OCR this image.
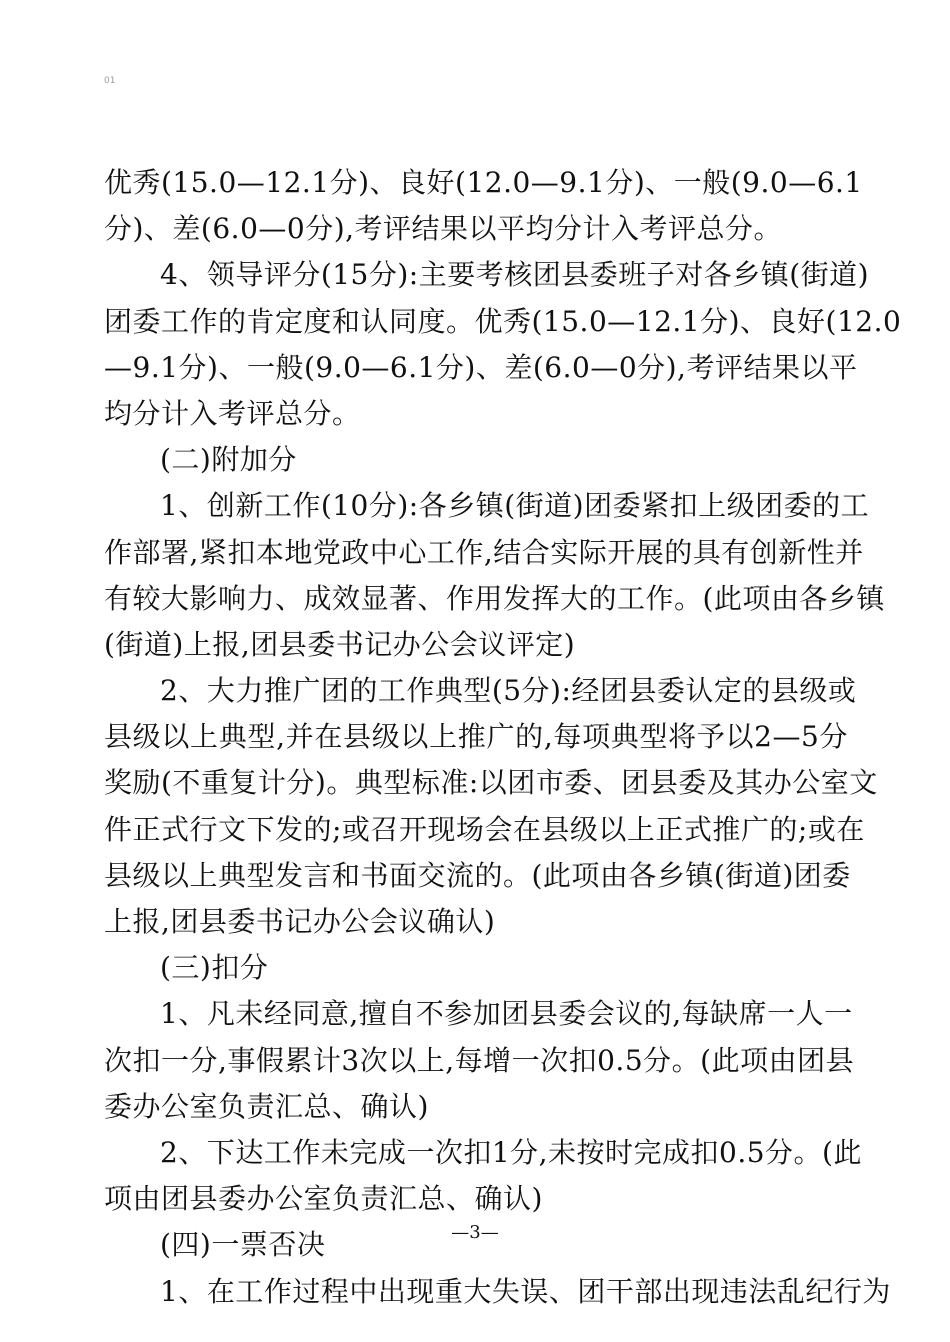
01
优秀(15.0—12.1分)、良好(12.0—9.1分)、一般(9.0—6.1
分)、差(6.0—0分),考评结果以平均分计入考评总分。
4、领导评分(15分):主要考核团县委班子对各乡镇(街道)
团委工作的肯定度和认同度。优秀(15.0—12.1分)、良好(12.0
—9.1分)、一般(9.0—6.1分)、差(6.0—0分),考评结果以平
均分计入考评总分。
(二)附加分
1、创新工作(10分):各乡镇(街道)团委紧扣上级团委的工
作部署,紧扣本地党政中心工作,结合实际开展的具有创新性并
有较大影响力、成效显著、作用发挥大的工作。(此项由各乡镇
(街道)上报,团县委书记办公会议评定)
2、大力推广团的工作典型(5分):经团县委认定的县级或
县级以上典型,并在县级以上推广的,每项典型将予以2—5分
奖励(不重复计分)。典型标准:以团市委、团县委及其办公室文
件正式行文下发的;或召开现场会在县级以上正式推广的;或在
县级以上典型发言和书面交流的。(此项由各乡镇(街道)团委
上报,团县委书记办公会议确认)
(三)扣分
1、凡未经同意,擅自不参加团县委会议的,每缺席一人一
次扣一分,事假累计3次以上,每增一次扣0.5分。(此项由团县
委办公室负责汇总、确认)
2、下达工作未完成一次扣1分,未按时完成扣0.5分。(此
项由团县委办公室负责汇总、确认)
(四)一票否决
1、在工作过程中出现重大失误、团干部出现违法乱纪行为
—3—
